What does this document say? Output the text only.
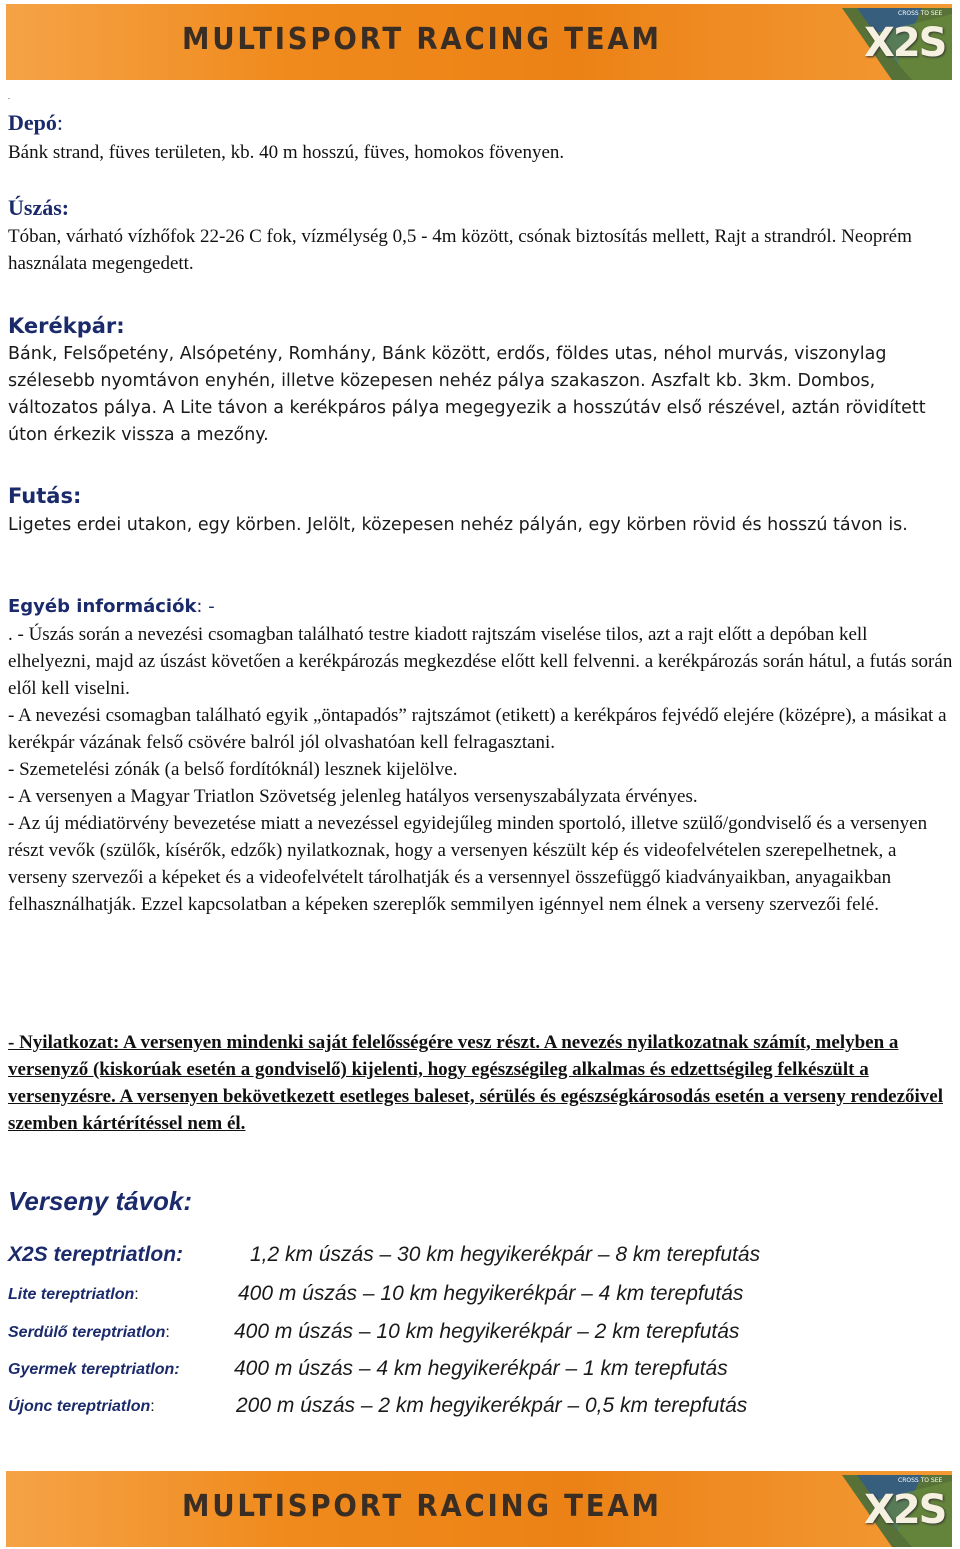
MULTISPORT RACING TEAM
CROSS TO SEE
X2S
.
Depó:

Bánk strand, füves területen, kb. 40 m hosszú, füves, homokos fövenyen.

Úszás:

Tóban, várható vízhőfok 22-26 C fok, vízmélység 0,5 - 4m között, csónak biztosítás mellett, Rajt a strandról. Neoprém használata megengedett.

Kerékpár:

Bánk, Felsőpetény, Alsópetény, Romhány, Bánk között, erdős, földes utas, néhol murvás, viszonylag szélesebb nyomtávon enyhén, illetve közepesen nehéz pálya szakaszon. Aszfalt kb. 3km. Dombos, változatos pálya. A Lite távon a kerékpáros pálya megegyezik a hosszútáv első részével, aztán rövidített úton érkezik vissza a mezőny.

Futás:

Ligetes erdei utakon, egy körben. Jelölt, közepesen nehéz pályán, egy körben rövid és hosszú távon is.

Egyéb információk: -
. - Úszás során a nevezési csomagban található testre kiadott rajtszám viselése tilos, azt a rajt előtt a depóban kell elhelyezni, majd az úszást követően a kerékpározás megkezdése előtt kell felvenni. a kerékpározás során hátul, a futás során elől kell viselni.
- A nevezési csomagban található egyik „öntapadós” rajtszámot (etikett) a kerékpáros fejvédő elejére (középre), a másikat a kerékpár vázának felső csövére balról jól olvashatóan kell felragasztani.
- Szemetelési zónák (a belső fordítóknál) lesznek kijelölve.
- A versenyen a Magyar Triatlon Szövetség jelenleg hatályos versenyszabályzata érvényes.
- Az új médiatörvény bevezetése miatt a nevezéssel egyidejűleg minden sportoló, illetve szülő/gondviselő és a versenyen részt vevők (szülők, kísérők, edzők) nyilatkoznak, hogy a versenyen készült kép és videofelvételen szerepelhetnek, a verseny szervezői a képeket és a videofelvételt tárolhatják és a versennyel összefüggő kiadványaikban, anyagaikban felhasználhatják. Ezzel kapcsolatban a képeken szereplők semmilyen igénnyel nem élnek a verseny szervezői felé.

- Nyilatkozat: A versenyen mindenki saját felelősségére vesz részt. A nevezés nyilatkozatnak számít, melyben a versenyző (kiskorúak esetén a gondviselő) kijelenti, hogy egészségileg alkalmas és edzettségileg felkészült a versenyzésre. A versenyen bekövetkezett esetleges baleset, sérülés és egészségkárosodás esetén a verseny rendezőivel szemben kártérítéssel nem él.

Verseny távok:
X2S tereptriatlon:	1,2 km úszás – 30 km hegyikerékpár – 8 km terepfutás
Lite tereptriatlon:	400 m úszás – 10 km hegyikerékpár – 4 km terepfutás
Serdülő tereptriatlon:	400 m úszás – 10 km hegyikerékpár – 2 km terepfutás
Gyermek tereptriatlon:	400 m úszás – 4 km hegyikerékpár – 1 km terepfutás
Újonc tereptriatlon:	200 m úszás – 2 km hegyikerékpár – 0,5 km terepfutás
MULTISPORT RACING TEAM
CROSS TO SEE
X2S
